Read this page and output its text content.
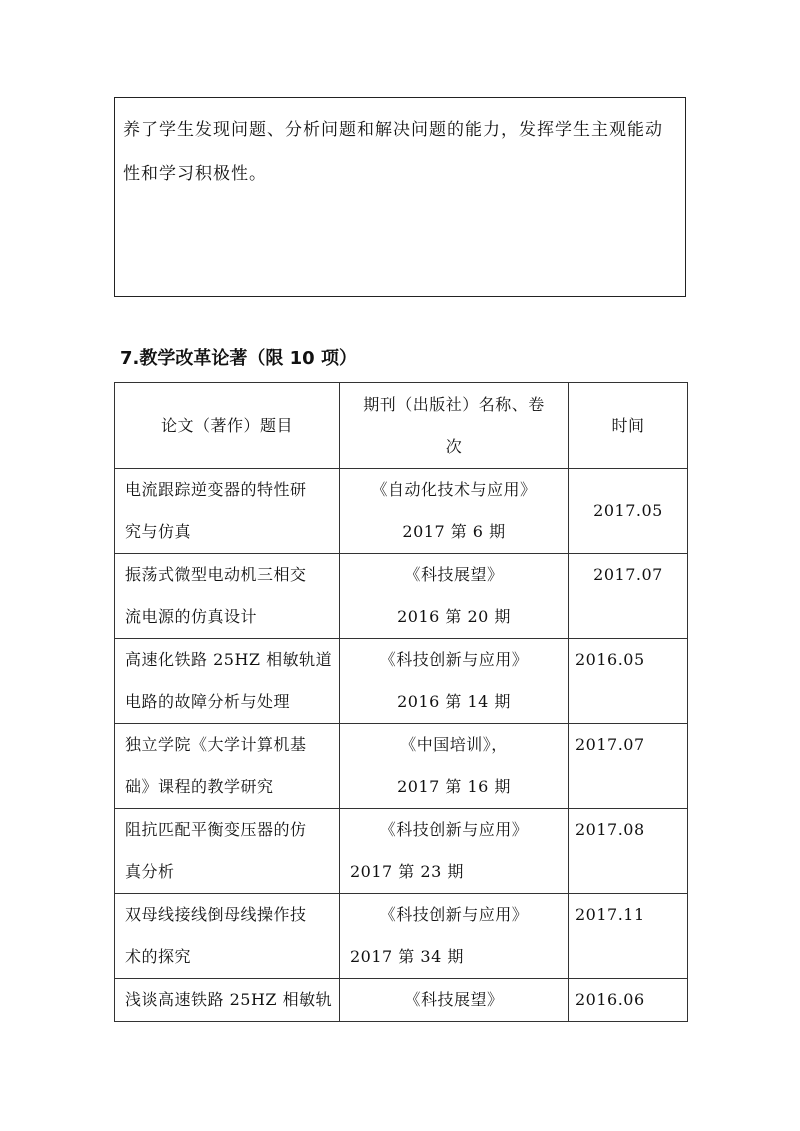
养了学生发现问题、分析问题和解决问题的能力，发挥学生主观能动
性和学习积极性。
7.教学改革论著（限 10 项）
论文（著作）题目	期刊（出版社）名称、卷
次	时间

电流跟踪逆变器的特性研
究与仿真	《自动化技术与应用》
2017 第 6 期	2017.05

振荡式微型电动机三相交
流电源的仿真设计	《科技展望》
2016 第 20 期	2017.07

高速化铁路 25HZ 相敏轨道
电路的故障分析与处理	《科技创新与应用》
2016 第 14 期	2016.05

独立学院《大学计算机基
础》课程的教学研究	《中国培训》，
2017 第 16 期	2017.07

阻抗匹配平衡变压器的仿
真分析	《科技创新与应用》
2017 第 23 期	2017.08

双母线接线倒母线操作技
术的探究	《科技创新与应用》
2017 第 34 期	2017.11

浅谈高速铁路 25HZ 相敏轨	《科技展望》	2016.06
